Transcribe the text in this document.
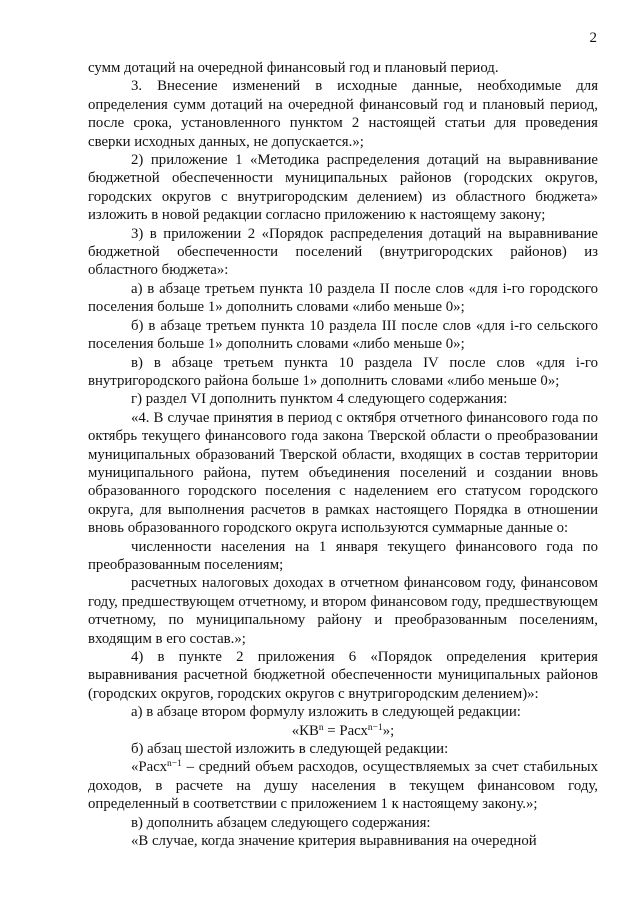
2

сумм дотаций на очередной финансовый год и плановый период.

3. Внесение изменений в исходные данные, необходимые для определения сумм дотаций на очередной финансовый год и плановый период, после срока, установленного пунктом 2 настоящей статьи для проведения сверки исходных данных, не допускается.»;

2) приложение 1 «Методика распределения дотаций на выравнивание бюджетной обеспеченности муниципальных районов (городских округов, городских округов с внутригородским делением) из областного бюджета» изложить в новой редакции согласно приложению к настоящему закону;

3) в приложении 2 «Порядок распределения дотаций на выравнивание бюджетной обеспеченности поселений (внутригородских районов) из областного бюджета»:

а) в абзаце третьем пункта 10 раздела II после слов «для i-го городского поселения больше 1» дополнить словами «либо меньше 0»;

б) в абзаце третьем пункта 10 раздела III после слов «для i-го сельского поселения больше 1» дополнить словами «либо меньше 0»;

в) в абзаце третьем пункта 10 раздела IV после слов «для i-го внутригородского района больше 1» дополнить словами «либо меньше 0»;

г) раздел VI дополнить пунктом 4 следующего содержания:

«4. В случае принятия в период с октября отчетного финансового года по октябрь текущего финансового года закона Тверской области о преобразовании муниципальных образований Тверской области, входящих в состав территории муниципального района, путем объединения поселений и создании вновь образованного городского поселения с наделением его статусом городского округа, для выполнения расчетов в рамках настоящего Порядка в отношении вновь образованного городского округа используются суммарные данные о:

численности населения на 1 января текущего финансового года по преобразованным поселениям;

расчетных налоговых доходах в отчетном финансовом году, финансовом году, предшествующем отчетному, и втором финансовом году, предшествующем отчетному, по муниципальному району и преобразованным поселениям, входящим в его состав.»;

4) в пункте 2 приложения 6 «Порядок определения критерия выравнивания расчетной бюджетной обеспеченности муниципальных районов (городских округов, городских округов с внутригородским делением)»:

а) в абзаце втором формулу изложить в следующей редакции:

«$КВ^n$ = Расх$^{n-1}$»;

б) абзац шестой изложить в следующей редакции:

«Расх$^{n-1}$ – средний объем расходов, осуществляемых за счет стабильных доходов, в расчете на душу населения в текущем финансовом году, определенный в соответствии с приложением 1 к настоящему закону.»;

в) дополнить абзацем следующего содержания:

«В случае, когда значение критерия выравнивания на очередной
